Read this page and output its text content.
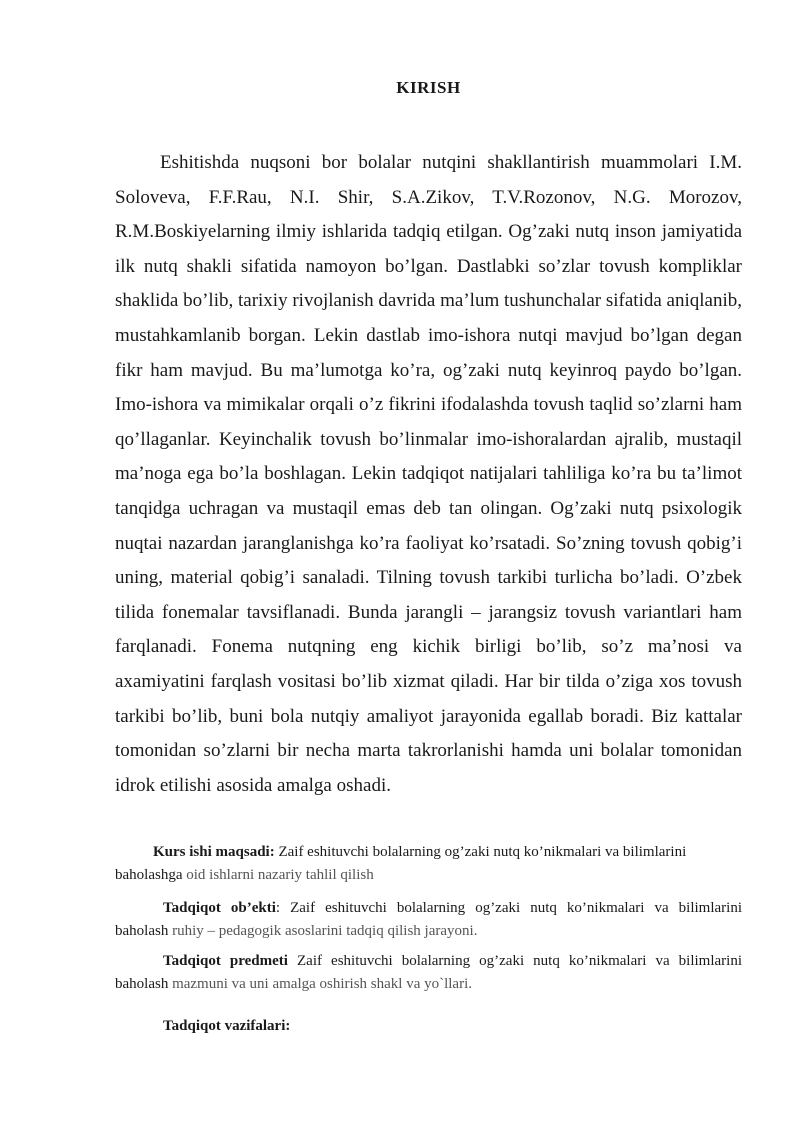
KIRISH

Eshitishda nuqsoni bor bolalar nutqini shakllantirish muammolari I.M. Soloveva, F.F.Rau, N.I. Shir, S.A.Zikov, T.V.Rozonov, N.G. Morozov, R.M.Boskiyelarning ilmiy ishlarida tadqiq etilgan. Og’zaki nutq inson jamiyatida ilk nutq shakli sifatida namoyon bo’lgan. Dastlabki so’zlar tovush kompliklar shaklida bo’lib, tarixiy rivojlanish davrida ma’lum tushunchalar sifatida aniqlanib, mustahkamlanib borgan. Lekin dastlab imo-ishora nutqi mavjud bo’lgan degan fikr ham mavjud. Bu ma’lumotga ko’ra, og’zaki nutq keyinroq paydo bo’lgan. Imo-ishora va mimikalar orqali o’z fikrini ifodalashda tovush taqlid so’zlarni ham qo’llaganlar. Keyinchalik tovush bo’linmalar imo-ishoralardan ajralib, mustaqil ma’noga ega bo’la boshlagan. Lekin tadqiqot natijalari tahliliga ko’ra bu ta’limot tanqidga uchragan va mustaqil emas deb tan olingan. Og’zaki nutq psixologik nuqtai nazardan jaranglanishga ko’ra faoliyat ko’rsatadi. So’zning tovush qobig’i uning, material qobig’i sanaladi. Tilning tovush tarkibi turlicha bo’ladi. O’zbek tilida fonemalar tavsiflanadi. Bunda jarangli – jarangsiz tovush variantlari ham farqlanadi. Fonema nutqning eng kichik birligi bo’lib, so’z ma’nosi va axamiyatini farqlash vositasi bo’lib xizmat qiladi. Har bir tilda o’ziga xos tovush tarkibi bo’lib, buni bola nutqiy amaliyot jarayonida egallab boradi. Biz kattalar tomonidan so’zlarni bir necha marta takrorlanishi hamda uni bolalar tomonidan idrok etilishi asosida amalga oshadi.

Kurs ishi maqsadi: Zaif eshituvchi bolalarning og’zaki nutq ko’nikmalari va bilimlarini baholashga oid ishlarni nazariy tahlil qilish

Tadqiqot ob’ekti: Zaif eshituvchi bolalarning og’zaki nutq ko’nikmalari va bilimlarini baholash ruhiy – pedagogik asoslarini tadqiq qilish jarayoni.

Tadqiqot predmeti Zaif eshituvchi bolalarning og’zaki nutq ko’nikmalari va bilimlarini baholash mazmuni va uni amalga oshirish shakl va yo`llari.

Tadqiqot vazifalari:
